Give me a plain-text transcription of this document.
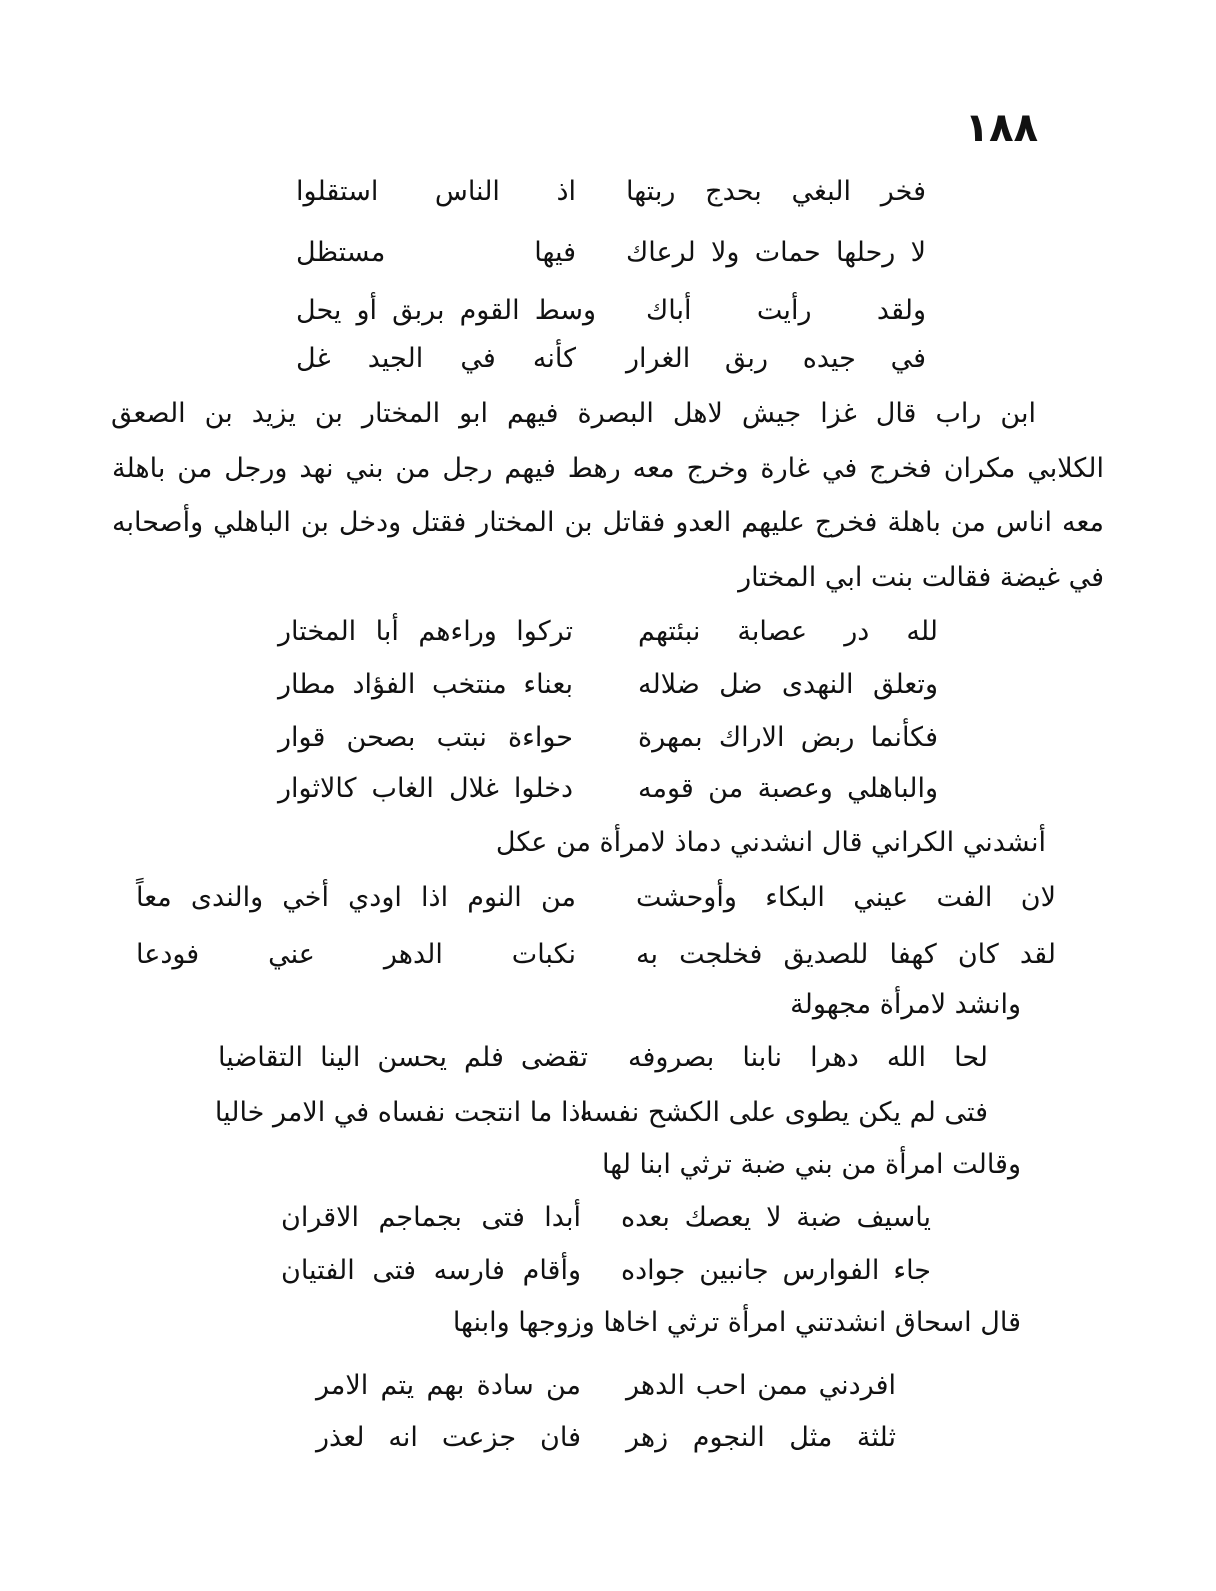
١٨٨
فخر البغي بحدج ربتها
اذ الناس استقلوا
لا رحلها حمات ولا لرعاك
فيها مستظل
ولقد رأيت أباك
وسط القوم بربق أو يحل
في جيده ربق الغرار
كأنه في الجيد غل
ابن راب قال غزا جيش لاهل البصرة فيهم ابو المختار بن يزيد بن الصعق
الكلابي مكران فخرج في غارة وخرج معه رهط فيهم رجل من بني نهد ورجل من باهلة
معه اناس من باهلة فخرج عليهم العدو فقاتل بن المختار فقتل ودخل بن الباهلي وأصحابه
في غيضة فقالت بنت ابي المختار
لله در عصابة نبئتهم
تركوا وراءهم أبا المختار
وتعلق النهدى ضل ضلاله
بعناء منتخب الفؤاد مطار
فكأنما ربض الاراك بمهرة
حواءة نبتب بصحن قوار
والباهلي وعصبة من قومه
دخلوا غلال الغاب كالاثوار
أنشدني الكراني قال انشدني دماذ لامرأة من عكل
لان الفت عيني البكاء وأوحشت
من النوم اذا اودي أخي والندى معاً
لقد كان كهفا للصديق فخلجت به
نكبات الدهر عني فودعا
وانشد لامرأة مجهولة
لحا الله دهرا نابنا بصروفه
تقضى فلم يحسن الينا التقاضيا
فتى لم يكن يطوى على الكشح نفسه
اذا ما انتجت نفساه في الامر خاليا
وقالت امرأة من بني ضبة ترثي ابنا لها
ياسيف ضبة لا يعصك بعده
أبدا فتى بجماجم الاقران
جاء الفوارس جانبين جواده
وأقام فارسه فتى الفتيان
قال اسحاق انشدتني امرأة ترثي اخاها وزوجها وابنها
افردني ممن احب الدهر
من سادة بهم يتم الامر
ثلثة مثل النجوم زهر
فان جزعت انه لعذر
